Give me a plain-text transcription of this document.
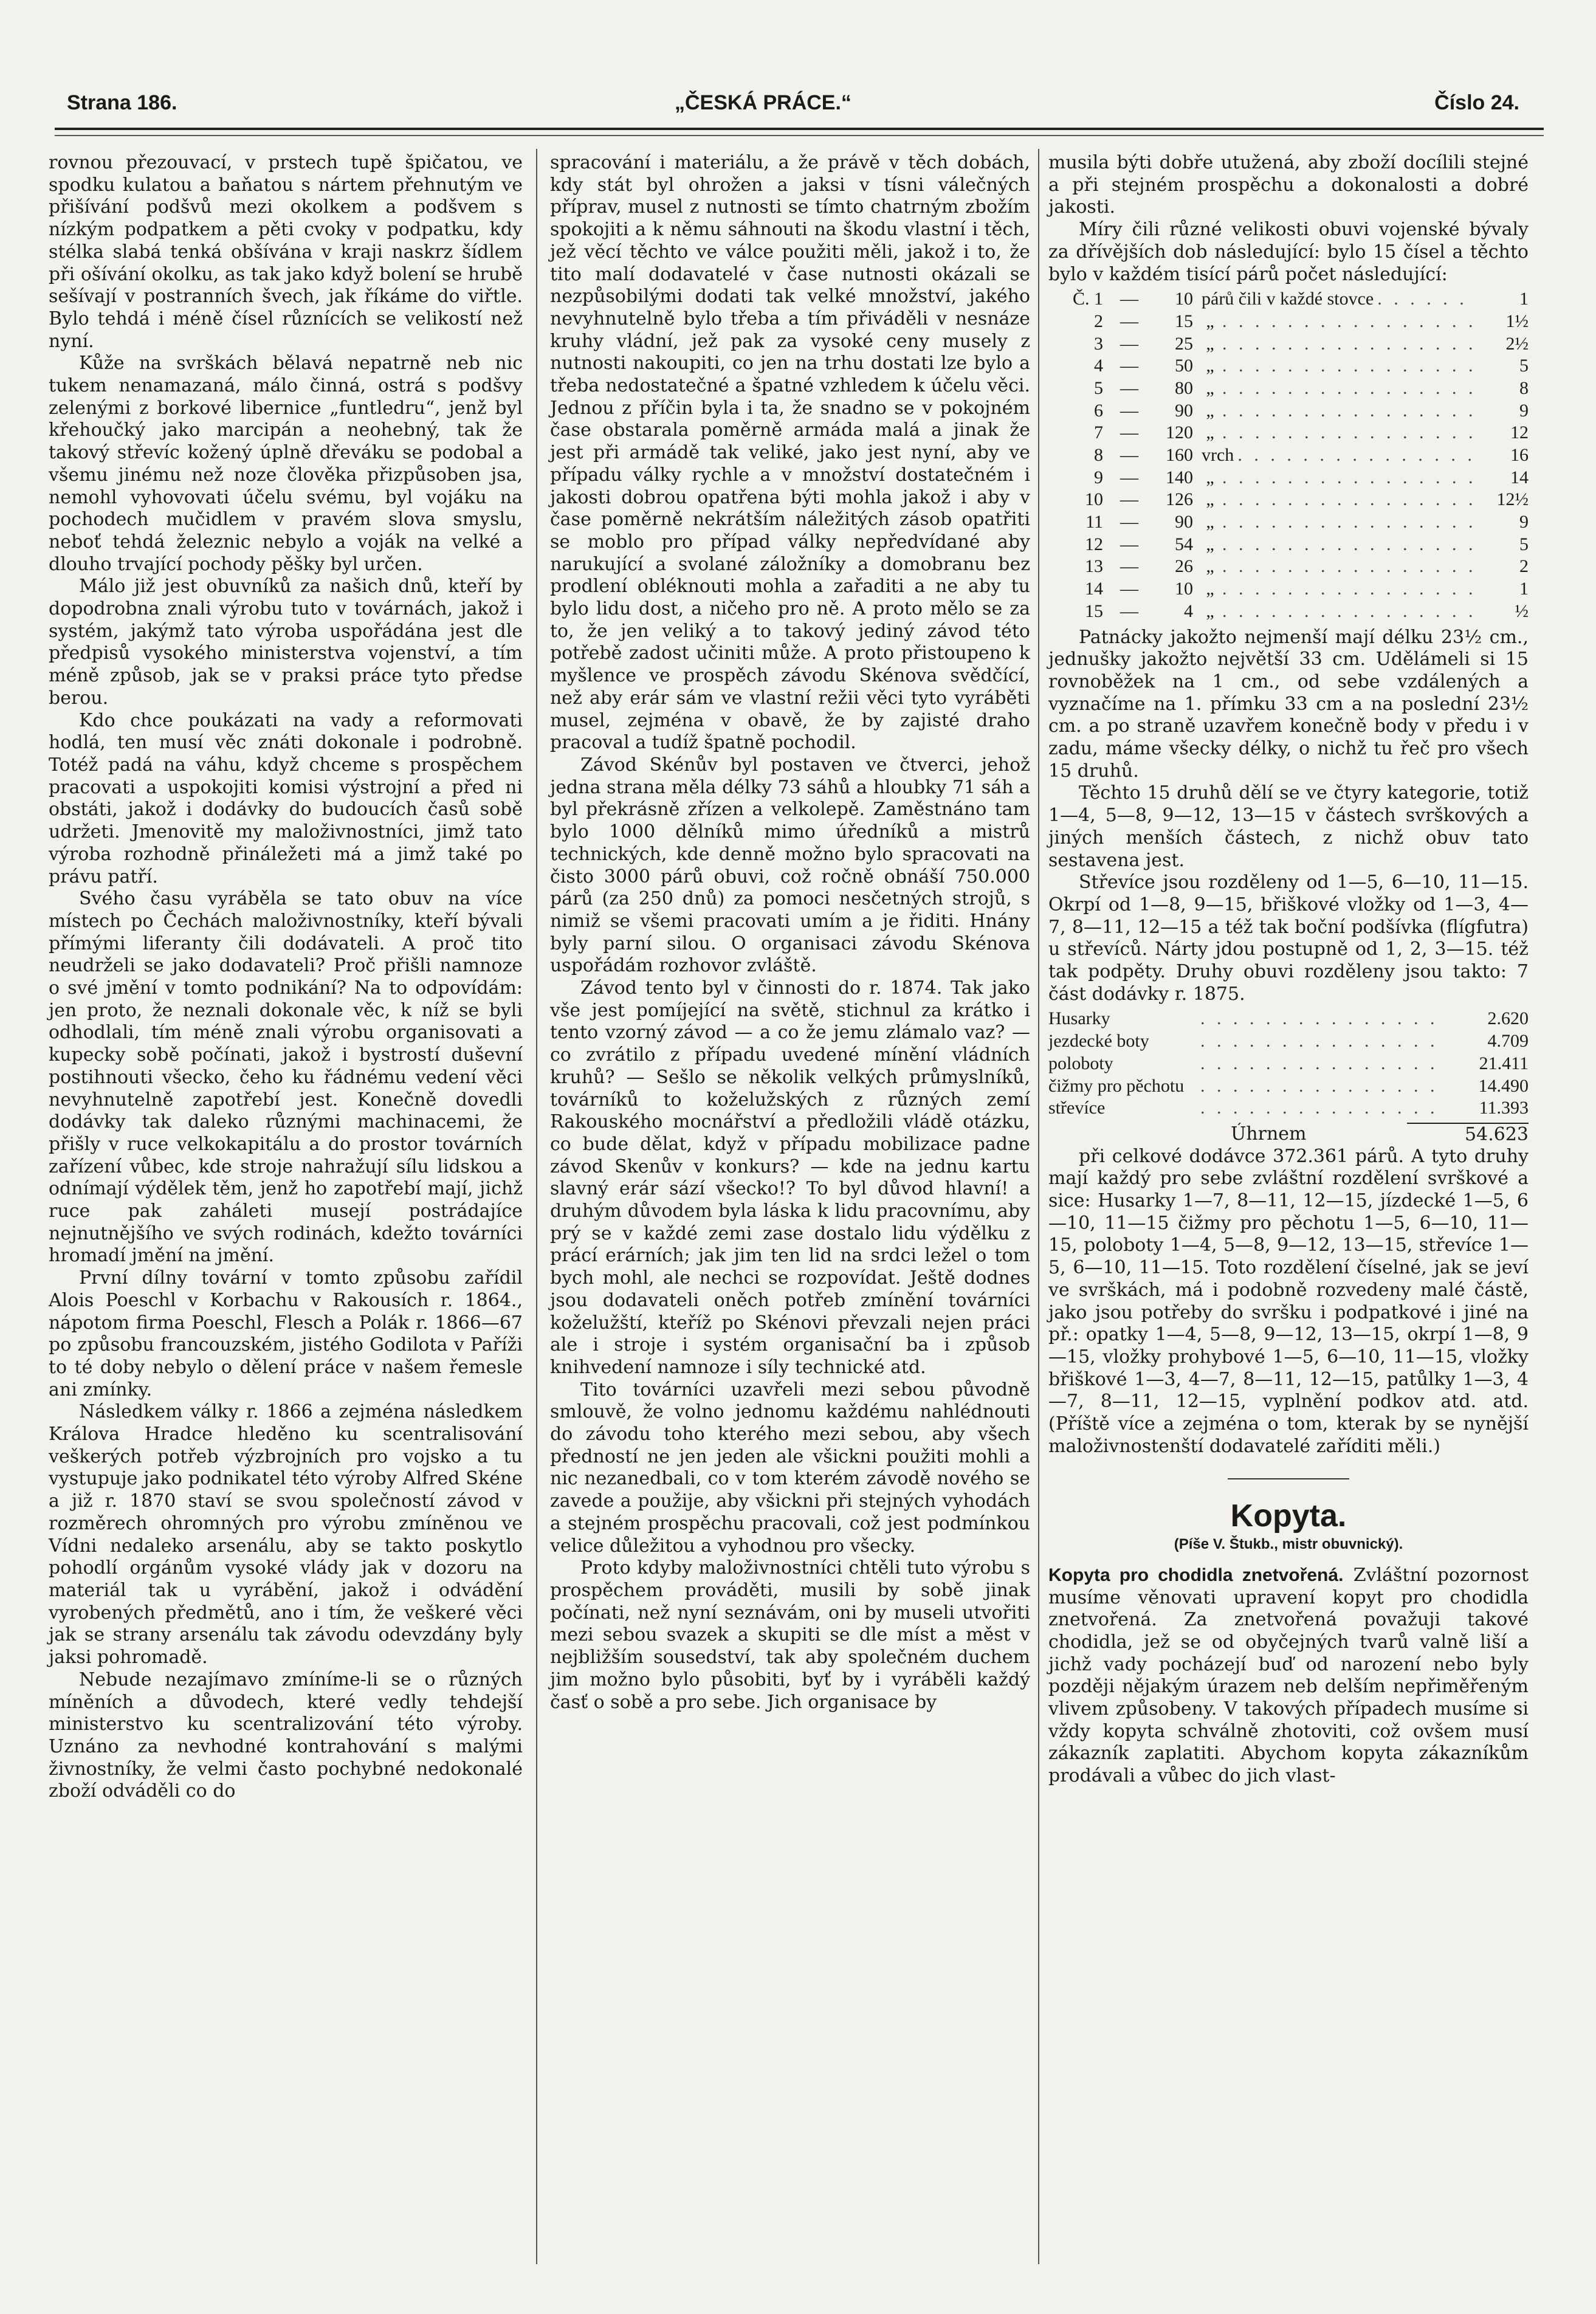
Strana 186.	„ČESKÁ PRÁCE.“	Číslo 24.

rovnou přezouvací, v prstech tupě špičatou, ve spodku kulatou a baňatou s nártem přehnutým ve přišívání podšvů mezi okolkem a podšvem s nízkým podpatkem a pěti cvoky v podpatku, kdy stélka slabá tenká obšívána v kraji naskrz šídlem při ošívání okolku, as tak jako když bolení se hrubě sešívají v postranních švech, jak říkáme do viřtle. Bylo tehdá i méně čísel různících se velikostí než nyní.

Kůže na svrškách bělavá nepatrně neb nic tukem nenamazaná, málo činná, ostrá s podšvy zelenými z borkové libernice „funtledru“, jenž byl křehoučký jako marcipán a neohebný, tak že takový střevíc kožený úplně dřeváku se podobal a všemu jinému než noze člověka přizpůsoben jsa, nemohl vyhovovati účelu svému, byl vojáku na pochodech mučidlem v pravém slova smyslu, neboť tehdá železnic nebylo a voják na velké a dlouho trvající pochody pěšky byl určen.

Málo již jest obuvníků za našich dnů, kteří by dopodrobna znali výrobu tuto v továrnách, jakož i systém, jakýmž tato výroba uspořádána jest dle předpisů vysokého ministerstva vojenství, a tím méně způsob, jak se v praksi práce tyto předse berou.

Kdo chce poukázati na vady a reformovati hodlá, ten musí věc znáti dokonale i podrobně. Totéž padá na váhu, když chceme s prospěchem pracovati a uspokojiti komisi výstrojní a před ni obstáti, jakož i dodávky do budoucích časů sobě udržeti. Jmenovitě my maloživnostníci, jimž tato výroba rozhodně přináležeti má a jimž také po právu patří.

Svého času vyráběla se tato obuv na více místech po Čechách maloživnostníky, kteří bývali přímými liferanty čili dodávateli. A proč tito neudrželi se jako dodavateli? Proč přišli namnoze o své jmění v tomto podnikání? Na to odpovídám: jen proto, že neznali dokonale věc, k níž se byli odhodlali, tím méně znali výrobu organisovati a kupecky sobě počínati, jakož i bystrostí duševní postihnouti všecko, čeho ku řádnému vedení věci nevyhnutelně zapotřebí jest. Konečně dovedli dodávky tak daleko různými machinacemi, že přišly v ruce velkokapitálu a do prostor továrních zařízení vůbec, kde stroje nahražují sílu lidskou a odnímají výdělek těm, jenž ho zapotřebí mají, jichž ruce pak zaháleti musejí postrádajíce nejnutnějšího ve svých rodinách, kdežto továrníci hromadí jmění na jmění.

První dílny tovární v tomto způsobu zařídil Alois Poeschl v Korbachu v Rakousích r. 1864., nápotom firma Poeschl, Flesch a Polák r. 1866—67 po způsobu francouzském, jistého Godilota v Paříži to té doby nebylo o dělení práce v našem řemesle ani zmínky.

Následkem války r. 1866 a zejména následkem Králova Hradce hleděno ku scentralisování veškerých potřeb výzbrojních pro vojsko a tu vystupuje jako podnikatel této výroby Alfred Skéne a již r. 1870 staví se svou společností závod v rozměrech ohromných pro výrobu zmíněnou ve Vídni nedaleko arsenálu, aby se takto poskytlo pohodlí orgánům vysoké vlády jak v dozoru na materiál tak u vyrábění, jakož i odvádění vyrobených předmětů, ano i tím, že veškeré věci jak se strany arsenálu tak závodu odevzdány byly jaksi pohromadě.

Nebude nezajímavo zmíníme-li se o různých míněních a důvodech, které vedly tehdejší ministerstvo ku scentralizování této výroby. Uznáno za nevhodné kontrahování s malými živnostníky, že velmi často pochybné nedokonalé zboží odváděli co do

spracování i materiálu, a že právě v těch dobách, kdy stát byl ohrožen a jaksi v tísni válečných příprav, musel z nutnosti se tímto chatrným zbožím spokojiti a k němu sáhnouti na škodu vlastní i těch, jež věcí těchto ve válce použiti měli, jakož i to, že tito malí dodavatelé v čase nutnosti okázali se nezpůsobilými dodati tak velké množství, jakého nevyhnutelně bylo třeba a tím přiváděli v nesnáze kruhy vládní, jež pak za vysoké ceny musely z nutnosti nakoupiti, co jen na trhu dostati lze bylo a třeba nedostatečné a špatné vzhledem k účelu věci. Jednou z příčin byla i ta, že snadno se v pokojném čase obstarala poměrně armáda malá a jinak že jest při armádě tak veliké, jako jest nyní, aby ve případu války rychle a v množství dostatečném i jakosti dobrou opatřena býti mohla jakož i aby v čase poměrně nekrátším náležitých zásob opatřiti se moblo pro případ války nepředvídané aby narukující a svolané záložníky a domobranu bez prodlení obléknouti mohla a zařaditi a ne aby tu bylo lidu dost, a ničeho pro ně. A proto mělo se za to, že jen veliký a to takový jediný závod této potřebě zadost učiniti může. A proto přistoupeno k myšlence ve prospěch závodu Skénova svědčící, než aby erár sám ve vlastní režii věci tyto vyráběti musel, zejména v obavě, že by zajisté draho pracoval a tudíž špatně pochodil.

Závod Skénův byl postaven ve čtverci, jehož jedna strana měla délky 73 sáhů a hloubky 71 sáh a byl překrásně zřízen a velkolepě. Zaměstnáno tam bylo 1000 dělníků mimo úředníků a mistrů technických, kde denně možno bylo spracovati na čisto 3000 párů obuvi, což ročně obnáší 750.000 párů (za 250 dnů) za pomoci nesčetných strojů, s nimiž se všemi pracovati umím a je řiditi. Hnány byly parní silou. O organisaci závodu Skénova uspořádám rozhovor zvláště.

Závod tento byl v činnosti do r. 1874. Tak jako vše jest pomíjející na světě, stichnul za krátko i tento vzorný závod — a co že jemu zlámalo vaz? — co zvrátilo z případu uvedené mínění vládních kruhů? — Sešlo se několik velkých průmyslníků, továrníků to koželužských z různých zemí Rakouského mocnářství a předložili vládě otázku, co bude dělat, když v případu mobilizace padne závod Skenův v konkurs? — kde na jednu kartu slavný erár sází všecko!? To byl důvod hlavní! a druhým důvodem byla láska k lidu pracovnímu, aby prý se v každé zemi zase dostalo lidu výdělku z prácí erárních; jak jim ten lid na srdci ležel o tom bych mohl, ale nechci se rozpovídat. Ještě dodnes jsou dodavateli oněch potřeb zmínění továrníci koželužští, kteříž po Skénovi převzali nejen práci ale i stroje i systém organisační ba i způsob knihvedení namnoze i síly technické atd.

Tito továrníci uzavřeli mezi sebou původně smlouvě, že volno jednomu každému nahlédnouti do závodu toho kterého mezi sebou, aby všech předností ne jen jeden ale všickni použiti mohli a nic nezanedbali, co v tom kterém závodě nového se zavede a použije, aby všickni při stejných vyhodách a stejném prospěchu pracovali, což jest podmínkou velice důležitou a vyhodnou pro všecky.

Proto kdyby maloživnostníci chtěli tuto výrobu s prospěchem prováděti, musili by sobě jinak počínati, než nyní seznávám, oni by museli utvořiti mezi sebou svazek a skupiti se dle míst a měst v nejbližším sousedství, tak aby společném duchem jim možno bylo působiti, byť by i vyráběli každý časť o sobě a pro sebe. Jich organisace by

musila býti dobře utužená, aby zboží docílili stejné a při stejném prospěchu a dokonalosti a dobré jakosti.

Míry čili různé velikosti obuvi vojenské bývaly za dřívějších dob následující: bylo 15 čísel a těchto bylo v každém tisící párů počet následující:

Č. 1 —	10 párů čili v každé stovce . . .	1
2 —	15 „ . . .	1½
3 —	25 „ . . .	2½
4 —	50 „ . . .	5
5 —	80 „ . . .	8
6 —	90 „ . . .	9
7 —	120 „ . . .	12
8 —	160 vrch . . .	16
9 —	140 „ . . .	14
10 —	126 „ . . .	12½
11 —	90 „ . . .	9
12 —	54 „ . . .	5
13 —	26 „ . . .	2
14 —	10 „ . . .	1
15 —	4 „ . . .	½

Patnácky jakožto nejmenší mají délku 23½ cm., jednušky jakožto největší 33 cm. Udělámeli si 15 rovnoběžek na 1 cm., od sebe vzdálených a vyznačíme na 1. přímku 33 cm a na poslední 23½ cm. a po straně uzavřem konečně body v předu i v zadu, máme všecky délky, o nichž tu řeč pro všech 15 druhů.

Těchto 15 druhů dělí se ve čtyry kategorie, totiž 1—4, 5—8, 9—12, 13—15 v částech svrškových a jiných menších částech, z nichž obuv tato sestavena jest.

Střevíce jsou rozděleny od 1—5, 6—10, 11—15. Okrpí od 1—8, 9—15, břiškové vložky od 1—3, 4—7, 8—11, 12—15 a též tak boční podšívka (flígfutra) u střevíců. Nárty jdou postupně od 1, 2, 3—15. též tak podpěty. Druhy obuvi rozděleny jsou takto: 7 část dodávky r. 1875.

Husarky . . .	2.620
jezdecké boty . . .	4.709
poloboty . . .	21.411
čižmy pro pěchotu . . .	14.490
střevíce . . .	11.393
Úhrnem	54.623

při celkové dodávce 372.361 párů. A tyto druhy mají každý pro sebe zvláštní rozdělení svrškové a sice: Husarky 1—7, 8—11, 12—15, jízdecké 1—5, 6—10, 11—15 čižmy pro pěchotu 1—5, 6—10, 11—15, poloboty 1—4, 5—8, 9—12, 13—15, střevíce 1—5, 6—10, 11—15. Toto rozdělení číselné, jak se jeví ve svrškách, má i podobně rozvedeny malé částě, jako jsou potřeby do svršku i podpatkové i jiné na př.: opatky 1—4, 5—8, 9—12, 13—15, okrpí 1—8, 9—15, vložky prohybové 1—5, 6—10, 11—15, vložky břiškové 1—3, 4—7, 8—11, 12—15, patůlky 1—3, 4—7, 8—11, 12—15, vyplnění podkov atd. atd. (Příště více a zejména o tom, kterak by se nynější maloživnostenští dodavatelé zaříditi měli.)

Kopyta.
(Píše V. Štukb., mistr obuvnický).

Kopyta pro chodidla znetvořená. Zvláštní pozornost musíme věnovati upravení kopyt pro chodidla znetvořená. Za znetvořená považuji takové chodidla, jež se od obyčejných tvarů valně liší a jichž vady pocházejí buď od narození nebo byly později nějakým úrazem neb delším nepřiměřeným vlivem způsobeny. V takových případech musíme si vždy kopyta schválně zhotoviti, což ovšem musí zákazník zaplatiti. Abychom kopyta zákazníkům prodávali a vůbec do jich vlast-
